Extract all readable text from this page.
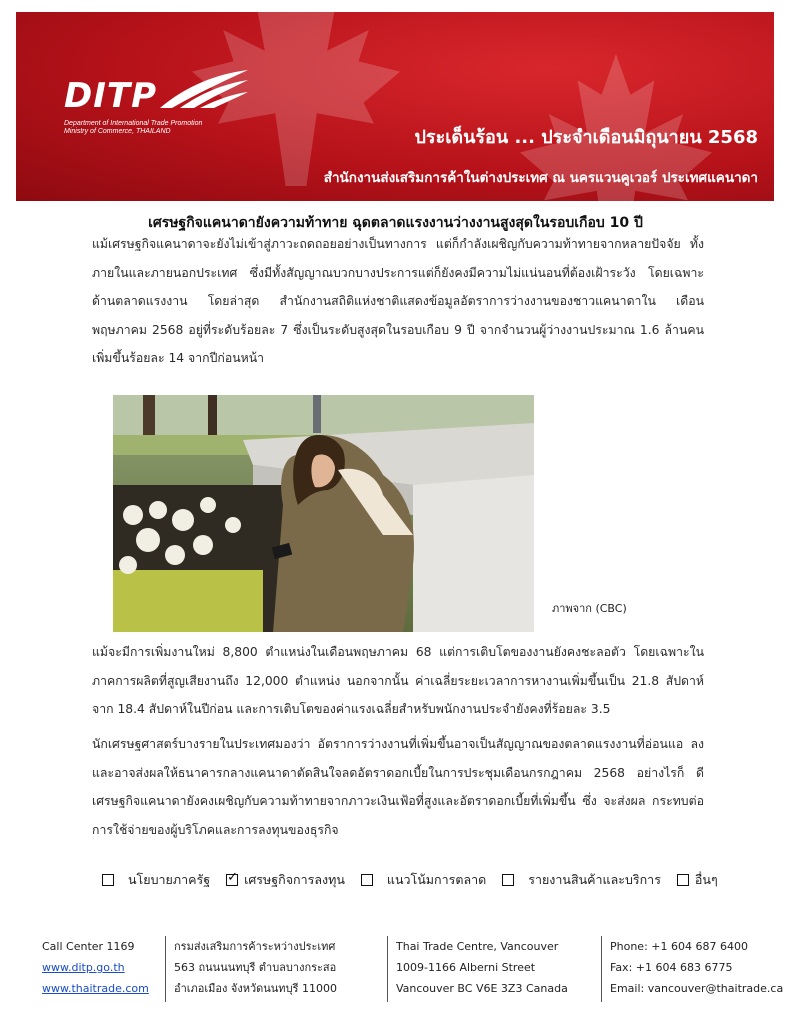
DITP
Department of International Trade Promotion
Ministry of Commerce, THAILAND	ประเด็นร้อน ... ประจำเดือนมิถุนายน 2568
สำนักงานส่งเสริมการค้าในต่างประเทศ ณ นครแวนคูเวอร์ ประเทศแคนาดา
เศรษฐกิจแคนาดายังความท้าทาย ฉุดตลาดแรงงานว่างงานสูงสุดในรอบเกือบ 10 ปี

แม้เศรษฐกิจแคนาดาจะยังไม่เข้าสู่ภาวะถดถอยอย่างเป็นทางการ แต่ก็กำลังเผชิญกับความท้าทายจากหลายปัจจัย ทั้งภายในและภายนอกประเทศ ซึ่งมีทั้งสัญญาณบวกบางประการแต่ก็ยังคงมีความไม่แน่นอนที่ต้องเฝ้าระวัง โดยเฉพาะด้านตลาดแรงงาน โดยล่าสุด สำนักงานสถิติแห่งชาติแสดงข้อมูลอัตราการว่างงานของชาวแคนาดาใน เดือนพฤษภาคม 2568 อยู่ที่ระดับร้อยละ 7 ซึ่งเป็นระดับสูงสุดในรอบเกือบ 9 ปี จากจำนวนผู้ว่างงานประมาณ 1.6 ล้านคน เพิ่มขึ้นร้อยละ 14 จากปีก่อนหน้า

ภาพจาก (CBC)

แม้จะมีการเพิ่มงานใหม่ 8,800 ตำแหน่งในเดือนพฤษภาคม 68 แต่การเติบโตของงานยังคงชะลอตัว โดยเฉพาะใน ภาคการผลิตที่สูญเสียงานถึง 12,000 ตำแหน่ง นอกจากนั้น ค่าเฉลี่ยระยะเวลาการหางานเพิ่มขึ้นเป็น 21.8 สัปดาห์จาก 18.4 สัปดาห์ในปีก่อน และการเติบโตของค่าแรงเฉลี่ยสำหรับพนักงานประจำยังคงที่ร้อยละ 3.5

นักเศรษฐศาสตร์บางรายในประเทศมองว่า อัตราการว่างงานที่เพิ่มขึ้นอาจเป็นสัญญาณของตลาดแรงงานที่อ่อนแอ ลง และอาจส่งผลให้ธนาคารกลางแคนาดาตัดสินใจลดอัตราดอกเบี้ยในการประชุมเดือนกรกฎาคม 2568 อย่างไรก็ ดี เศรษฐกิจแคนาดายังคงเผชิญกับความท้าทายจากภาวะเงินเฟ้อที่สูงและอัตราดอกเบี้ยที่เพิ่มขึ้น ซึ่ง จะส่งผล กระทบต่อการใช้จ่ายของผู้บริโภคและการลงทุนของธุรกิจ

นโยบายภาครัฐ ✓ เศรษฐกิจการลงทุน	แนวโน้มการตลาด	รายงานสินค้าและบริการ	อื่นๆ
Call Center 1169
www.ditp.go.th
www.thaitrade.com
กรมส่งเสริมการค้าระหว่างประเทศ
563 ถนนนนทบุรี ตำบลบางกระสอ
อำเภอเมือง จังหวัดนนทบุรี 11000
Thai Trade Centre, Vancouver
1009-1166 Alberni Street
Vancouver BC V6E 3Z3 Canada
Phone: +1 604 687 6400
Fax: +1 604 683 6775
Email: vancouver@thaitrade.ca
